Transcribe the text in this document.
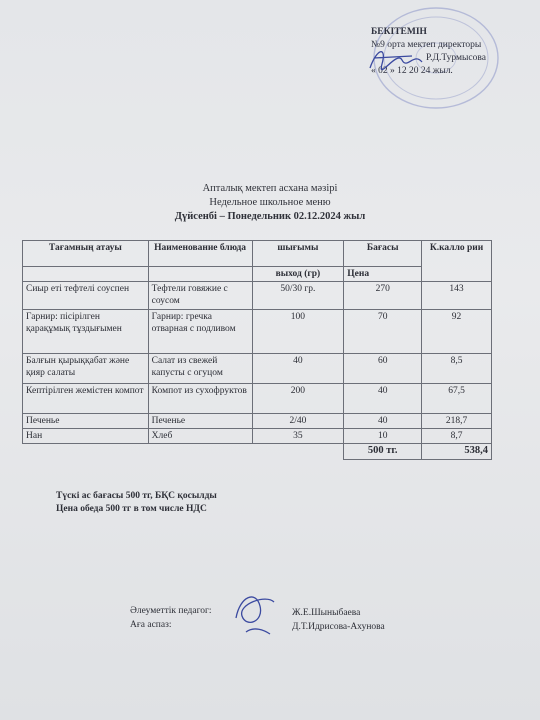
БЕКІТЕМІН
№9 орта мектеп директоры
Р.Д.Турмысова
« 02 » 12 20 24 жыл.
Апталық мектеп асхана мәзірі
Недельное школьное меню
Дүйсенбі – Понедельник 02.12.2024 жыл
Тағамның атауы	Наименование блюда	шығымы	Бағасы	К.калло рии
		выход (гр)	Цена	
Сиыр еті тефтелі соуспен	Тефтели говяжие с соусом	50/30 гр.	270	143
Гарнир: пісірілген қарақұмық тұздығымен	Гарнир: гречка отварная с подливом	100	70	92
Балғын қырыққабат және қияр салаты	Салат из свежей капусты с огуцом	40	60	8,5
Кептірілген жемістен компот	Компот из сухофруктов	200	40	67,5
Печенье	Печенье	2/40	40	218,7
Нан	Хлеб	35	10	8,7
			500 тг.	538,4
Түскі ас бағасы 500 тг, БҚС қосылды
Цена обеда 500 тг в том числе НДС
Әлеуметтік педагог:
Аға аспаз:
Ж.Е.Шыныбаева
Д.Т.Идрисова-Ахунова
